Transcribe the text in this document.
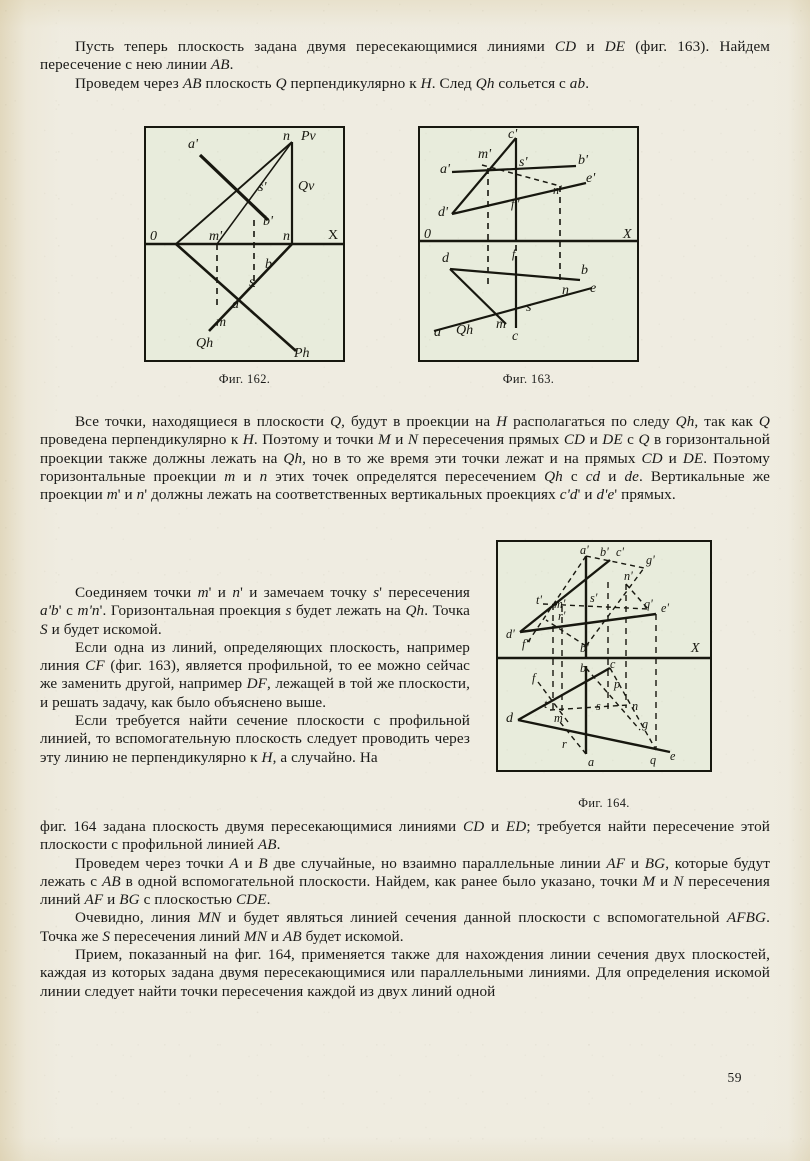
Пусть теперь плоскость задана двумя пересекающимися линиями CD и DE (фиг. 163). Найдем пересечение с нею линии AB.

Проведем через AB плоскость Q перпендикулярно к H. След Qh сольется с ab.

0	X
a'
n Pv
s' Qv
b'
m'	n
s
b
a
m
Qh
Ph
Фиг. 162.
0	X
c'
m'
s'	b'
a'
e'
d'
f"
n'
d	f
b
n e
s
a Qh m
c
Фиг. 163.

Все точки, находящиеся в плоскости Q, будут в проекции на H располагаться по следу Qh, так как Q проведена перпендикулярно к H. Поэтому и точки M и N пересечения прямых CD и DE с Q в горизонтальной проекции также должны лежать на Qh, но в то же время эти точки лежат и на прямых CD и DE. Поэтому горизонтальные проекции m и n этих точек определятся пересечением Qh с cd и de. Вертикальные же проекции m' и n' должны лежать на соответственных вертикальных проекциях c'd' и d'e' прямых.

Соединяем точки m' и n' и замечаем точку s' пересечения a'b' с m'n'. Горизонтальная проекция s будет лежать на Qh. Точка S и будет искомой.

Если одна из линий, определяющих плоскость, например линия CF (фиг. 163), является профильной, то ее можно сейчас же заменить другой, например DF, лежащей в той же плоскости, и решать задачу, как было объяснено выше.

Если требуется найти сечение плоскости с профильной линией, то вспомогательную плоскость следует проводить через эту линию не перпендикулярно к H, а случайно. На

X
a' b' c'
g'
n'
t' m' s'	q' e'
d'
r'
f"	b'
f
t
d	m
b c
p
s	n
g
r
a	q e
Фиг. 164.

фиг. 164 задана плоскость двумя пересекающимися линиями CD и ED; требуется найти пересечение этой плоскости с профильной линией AB.

Проведем через точки A и B две случайные, но взаимно параллельные линии AF и BG, которые будут лежать с AB в одной вспомогательной плоскости. Найдем, как ранее было указано, точки M и N пересечения линий AF и BG с плоскостью CDE.

Очевидно, линия MN и будет являться линией сечения данной плоскости с вспомогательной AFBG. Точка же S пересечения линий MN и AB будет искомой.

Прием, показанный на фиг. 164, применяется также для нахождения линии сечения двух плоскостей, каждая из которых задана двумя пересекающимися или параллельными линиями. Для определения искомой линии следует найти точки пересечения каждой из двух линий одной

59
